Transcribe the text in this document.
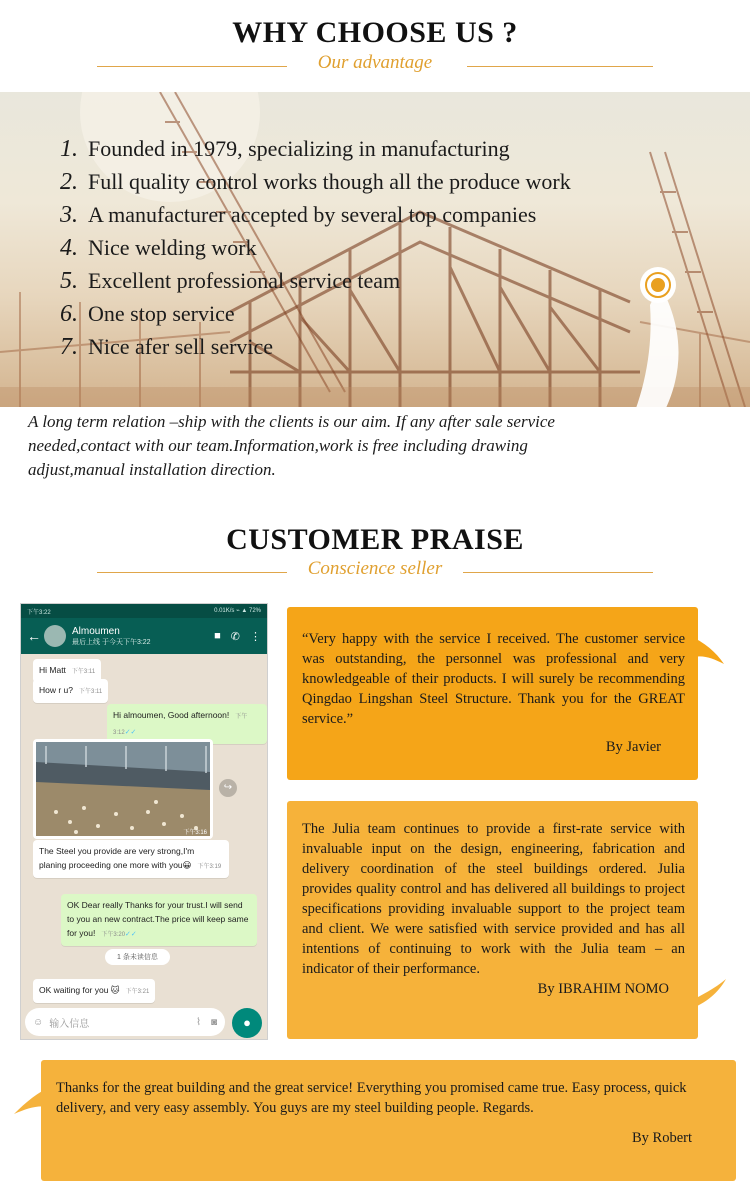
WHY CHOOSE US ?
Our advantage
1. Founded in 1979, specializing in manufacturing
2. Full quality control works though all the produce work
3. A manufacturer accepted by several top companies
4. Nice welding work
5. Excellent professional service team
6. One stop service
7. Nice afer sell service
A long term relation –ship with the clients is our aim. If any after sale service needed,contact with our team.Information,work is free including drawing adjust,manual installation direction.
CUSTOMER PRAISE
Conscience seller
下午3:22	0.01K/s ⌁ ▲ 72%
←	Almoumen
最后上线 于今天下午3:22	■ ✆ ⋮
Hi Matt 下午3:11
How r u? 下午3:11
Hi almoumen, Good afternoon! 下午3:12✓✓
下午3:16
↪
The Steel you provide are very strong,I'm planing proceeding one more with you😀 下午3:19
OK Dear really Thanks for your trust.I will send to you an new contract.The price will keep same for you! 下午3:20✓✓
1 条未读信息
OK waiting for you 🐱 下午3:21
☺ 输入信息	⌇ ◙	●
“Very happy with the service I received. The customer service was outstanding, the personnel was professional and very knowledgeable of their products. I will surely be recommending Qingdao Lingshan Steel Structure. Thank you for the GREAT service.”
By Javier
The Julia team continues to provide a first-rate service with invaluable input on the design, engineering, fabrication and delivery coordination of the steel buildings ordered. Julia provides quality control and has delivered all buildings to project specifications providing invaluable support to the project team and client. We were satisfied with service provided and has all intentions of continuing to work with the Julia team – an indicator of their performance.
By IBRAHIM NOMO
Thanks for the great building and the great service! Everything you promised came true. Easy process, quick delivery, and very easy assembly. You guys are my steel building people. Regards.
By Robert
